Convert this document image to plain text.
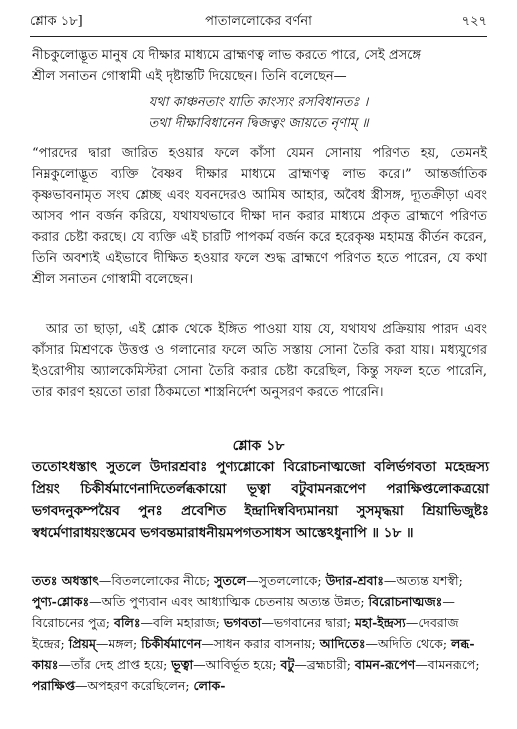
শ্লোক ১৮]	পাতাললোকের বর্ণনা	৭২৭
নীচকুলোদ্ভূত মানুষ যে দীক্ষার মাধ্যমে ব্রাহ্মণত্ব লাভ করতে পারে, সেই প্রসঙ্গে
শ্রীল সনাতন গোস্বামী এই দৃষ্টান্তটি দিয়েছেন। তিনি বলেছেন—
যথা কাঞ্চনতাং যাতি কাংস্যং রসবিধানতঃ ।
তথা দীক্ষাবিধানেন দ্বিজত্বং জায়তে নৃণাম্ ॥
“পারদের দ্বারা জারিত হওয়ার ফলে কাঁসা যেমন সোনায় পরিণত হয়, তেমনই নিম্নকুলোদ্ভূত ব্যক্তি বৈষ্ণব দীক্ষার মাধ্যমে ব্রাহ্মণত্ব লাভ করে।” আন্তর্জাতিক কৃষ্ণভাবনামৃত সংঘ শ্লেচ্ছ এবং যবনদেরও আমিষ আহার, অবৈধ স্ত্রীসঙ্গ, দ্যূতক্রীড়া এবং আসব পান বর্জন করিয়ে, যথাযথভাবে দীক্ষা দান করার মাধ্যমে প্রকৃত ব্রাহ্মণে পরিণত করার চেষ্টা করছে। যে ব্যক্তি এই চারটি পাপকর্ম বর্জন করে হরেকৃষ্ণ মহামন্ত্র কীর্তন করেন, তিনি অবশ্যই এইভাবে দীক্ষিত হওয়ার ফলে শুদ্ধ ব্রাহ্মণে পরিণত হতে পারেন, যে কথা শ্রীল সনাতন গোস্বামী বলেছেন।
আর তা ছাড়া, এই শ্লোক থেকে ইঙ্গিত পাওয়া যায় যে, যথাযথ প্রক্রিয়ায় পারদ এবং কাঁসার মিশ্রণকে উত্তপ্ত ও গলানোর ফলে অতি সস্তায় সোনা তৈরি করা যায়। মধ্যযুগের ইওরোপীয় অ্যালকেমিস্টরা সোনা তৈরি করার চেষ্টা করেছিল, কিন্তু সফল হতে পারেনি, তার কারণ হয়তো তারা ঠিকমতো শাস্ত্রনির্দেশ অনুসরণ করতে পারেনি।
শ্লোক ১৮
ততোঽধস্তাৎ সুতলে উদারশ্রবাঃ পুণ্যশ্লোকো বিরোচনাত্মজো বলির্ভগবতা মহেন্দ্রস্য প্রিয়ং চিকীর্ষমাণেনাদিতের্লব্ধকায়ো ভূত্বা বটুবামনরূপেণ পরাক্ষিপ্তলোকত্রয়ো ভগবদনুকম্পয়ৈব পুনঃ প্রবেশিত ইন্দ্রাদিষ্ববিদ্যমানয়া সুসমৃদ্ধয়া শ্রিয়াভিজুষ্টঃ স্বধর্মেণারাধয়ংস্তমেব ভগবন্তমারাধনীয়মপগতসাধস আস্তেঽধুনাপি ॥ ১৮ ॥
ততঃ অধস্তাৎ—বিতললোকের নীচে; সুতলে—সুতললোকে; উদার-শ্রবাঃ—অত্যন্ত যশস্বী; পুণ্য-শ্লোকঃ—অতি পুণ্যবান এবং আধ্যাত্মিক চেতনায় অত্যন্ত উন্নত; বিরোচনাত্মজঃ—বিরোচনের পুত্র; বলিঃ—বলি মহারাজ; ভগবতা—ভগবানের দ্বারা; মহা-ইন্দ্রস্য—দেবরাজ ইন্দ্রের; প্রিয়ম্—মঙ্গল; চিকীর্ষমাণেন—সাধন করার বাসনায়; আদিতেঃ—অদিতি থেকে; লব্ধ-কায়ঃ—তাঁর দেহ প্রাপ্ত হয়ে; ভূত্বা—আবির্ভূত হয়ে; বটু—ব্রহ্মচারী; বামন-রূপেণ—বামনরূপে; পরাক্ষিপ্ত—অপহরণ করেছিলেন; লোক-
